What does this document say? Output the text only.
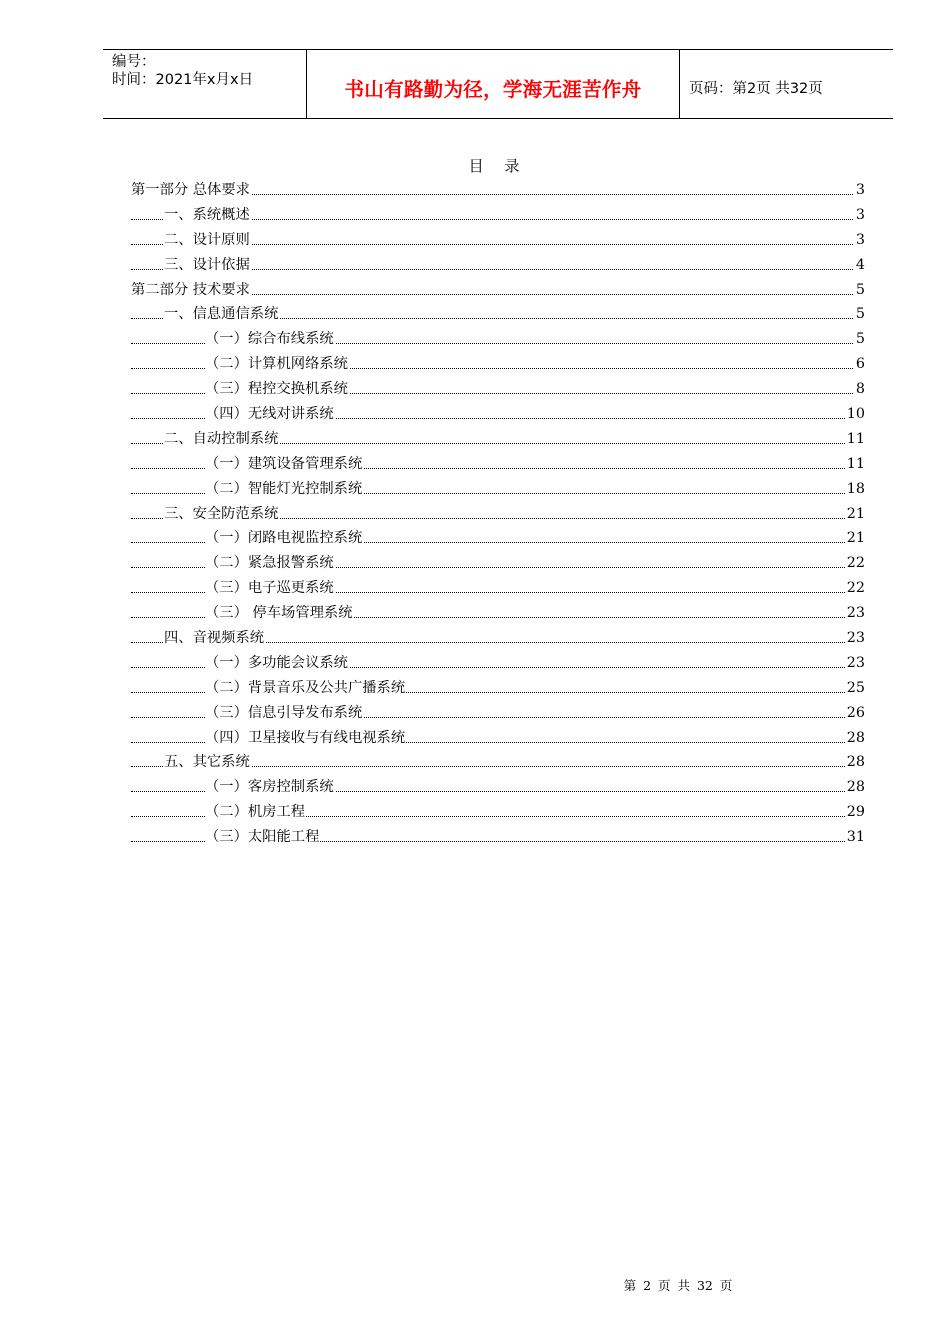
编号：
时间：2021年x月x日	书山有路勤为径，学海无涯苦作舟	页码：第2页 共32页
目 录
第一部分 总体要求	3
一、系统概述	3
二、设计原则	3
三、设计依据	4
第二部分 技术要求	5
一、信息通信系统	5
（一）综合布线系统	5
（二）计算机网络系统	6
（三）程控交换机系统	8
（四）无线对讲系统	10
二、自动控制系统	11
（一）建筑设备管理系统	11
（二）智能灯光控制系统	18
三、安全防范系统	21
（一）闭路电视监控系统	21
（二）紧急报警系统	22
（三）电子巡更系统	22
（三） 停车场管理系统	23
四、音视频系统	23
（一）多功能会议系统	23
（二）背景音乐及公共广播系统	25
（三）信息引导发布系统	26
（四）卫星接收与有线电视系统	28
五、其它系统	28
（一）客房控制系统	28
（二）机房工程	29
（三）太阳能工程	31
第 2 页 共 32 页
